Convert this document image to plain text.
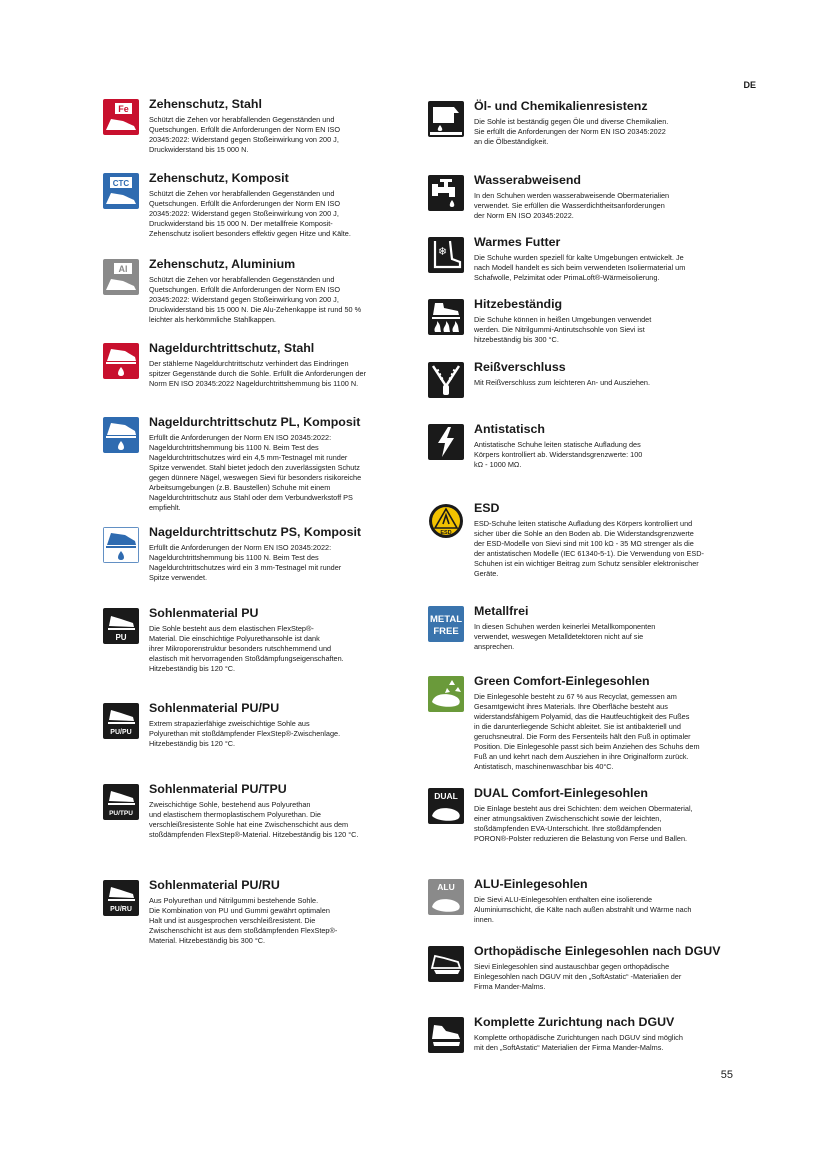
DE
Fe Zehenschutz, Stahl

Schützt die Zehen vor herabfallenden Gegenständen und
Quetschungen. Erfüllt die Anforderungen der Norm EN ISO
20345:2022: Widerstand gegen Stoßeinwirkung von 200 J,
Druckwiderstand bis 15 000 N.

CTC Zehenschutz, Komposit

Schützt die Zehen vor herabfallenden Gegenständen und
Quetschungen. Erfüllt die Anforderungen der Norm EN ISO
20345:2022: Widerstand gegen Stoßeinwirkung von 200 J,
Druckwiderstand bis 15 000 N. Der metallfreie Komposit-
Zehenschutz isoliert besonders effektiv gegen Hitze und Kälte.

Al Zehenschutz, Aluminium

Schützt die Zehen vor herabfallenden Gegenständen und
Quetschungen. Erfüllt die Anforderungen der Norm EN ISO
20345:2022: Widerstand gegen Stoßeinwirkung von 200 J,
Druckwiderstand bis 15 000 N. Die Alu-Zehenkappe ist rund 50 %
leichter als herkömmliche Stahlkappen.

Nageldurchtrittschutz, Stahl

Der stählerne Nageldurchtrittschutz verhindert das Eindringen
spitzer Gegenstände durch die Sohle. Erfüllt die Anforderungen der
Norm EN ISO 20345:2022 Nageldurchtrittshemmung bis 1100 N.

Nageldurchtrittschutz PL, Komposit

Erfüllt die Anforderungen der Norm EN ISO 20345:2022:
Nageldurchtrittshemmung bis 1100 N. Beim Test des
Nageldurchtrittschutzes wird ein 4,5 mm-Testnagel mit runder
Spitze verwendet. Stahl bietet jedoch den zuverlässigsten Schutz
gegen dünnere Nägel, weswegen Sievi für besonders risikoreiche
Arbeitsumgebungen (z.B. Baustellen) Schuhe mit einem
Nageldurchtrittschutz aus Stahl oder dem Verbundwerkstoff PS
empfiehlt.

Nageldurchtrittschutz PS, Komposit

Erfüllt die Anforderungen der Norm EN ISO 20345:2022:
Nageldurchtrittshemmung bis 1100 N. Beim Test des
Nageldurchtrittschutzes wird ein 3 mm-Testnagel mit runder
Spitze verwendet.

PU
Sohlenmaterial PU

Die Sohle besteht aus dem elastischen FlexStep®-
Material. Die einschichtige Polyurethansohle ist dank
ihrer Mikroporenstruktur besonders rutschhemmend und
elastisch mit hervorragenden Stoßdämpfungseigenschaften.
Hitzebeständig bis 120 °C.

PU/PU
Sohlenmaterial PU/PU

Extrem strapazierfähige zweischichtige Sohle aus
Polyurethan mit stoßdämpfender FlexStep®-Zwischenlage.
Hitzebeständig bis 120 °C.

PU/TPU
Sohlenmaterial PU/TPU

Zweischichtige Sohle, bestehend aus Polyurethan
und elastischem thermoplastischem Polyurethan. Die
verschleißresistente Sohle hat eine Zwischenschicht aus dem
stoßdämpfenden FlexStep®-Material. Hitzebeständig bis 120 °C.

PU/RU
Sohlenmaterial PU/RU

Aus Polyurethan und Nitrilgummi bestehende Sohle.
Die Kombination von PU und Gummi gewährt optimalen
Halt und ist ausgesprochen verschleißresistent. Die
Zwischenschicht ist aus dem stoßdämpfenden FlexStep®-
Material. Hitzebeständig bis 300 °C.

Öl- und Chemikalienresistenz

Die Sohle ist beständig gegen Öle und diverse Chemikalien.
Sie erfüllt die Anforderungen der Norm EN ISO 20345:2022
an die Ölbeständigkeit.

Wasserabweisend

In den Schuhen werden wasserabweisende Obermaterialien
verwendet. Sie erfüllen die Wasserdichtheitsanforderungen
der Norm EN ISO 20345:2022.

❄
Warmes Futter

Die Schuhe wurden speziell für kalte Umgebungen entwickelt. Je
nach Modell handelt es sich beim verwendeten Isoliermaterial um
Schafwolle, Pelzimitat oder PrimaLoft®-Wärmeisolierung.

Hitzebeständig

Die Schuhe können in heißen Umgebungen verwendet
werden. Die Nitrilgummi-Antirutschsohle von Sievi ist
hitzebeständig bis 300 °C.

Reißverschluss

Mit Reißverschluss zum leichteren An- und Ausziehen.

Antistatisch

Antistatische Schuhe leiten statische Aufladung des
Körpers kontrolliert ab. Widerstandsgrenzwerte: 100
kΩ - 1000 MΩ.

ESD
ESD

ESD-Schuhe leiten statische Aufladung des Körpers kontrolliert und
sicher über die Sohle an den Boden ab. Die Widerstandsgrenzwerte
der ESD-Modelle von Sievi sind mit 100 kΩ - 35 MΩ strenger als die
der antistatischen Modelle (IEC 61340-5-1). Die Verwendung von ESD-
Schuhen ist ein wichtiger Beitrag zum Schutz sensibler elektronischer
Geräte.

METAL
FREE
Metallfrei

In diesen Schuhen werden keinerlei Metallkomponenten
verwendet, weswegen Metalldetektoren nicht auf sie
ansprechen.

Green Comfort-Einlegesohlen

Die Einlegesohle besteht zu 67 % aus Recyclat, gemessen am
Gesamtgewicht ihres Materials. Ihre Oberfläche besteht aus
widerstandsfähigem Polyamid, das die Hautfeuchtigkeit des Fußes
in die darunterliegende Schicht ableitet. Sie ist antibakteriell und
geruchsneutral. Die Form des Fersenteils hält den Fuß in optimaler
Position. Die Einlegesohle passt sich beim Anziehen des Schuhs dem
Fuß an und kehrt nach dem Ausziehen in ihre Originalform zurück.
Antistatisch, maschinenwaschbar bis 40°C.

DUAL DUAL Comfort-Einlegesohlen

Die Einlage besteht aus drei Schichten: dem weichen Obermaterial,
einer atmungsaktiven Zwischenschicht sowie der leichten,
stoßdämpfenden EVA-Unterschicht. Ihre stoßdämpfenden
PORON®-Polster reduzieren die Belastung von Ferse und Ballen.

ALU ALU-Einlegesohlen

Die Sievi ALU-Einlegesohlen enthalten eine isolierende
Aluminiumschicht, die Kälte nach außen abstrahlt und Wärme nach
innen.

Orthopädische Einlegesohlen nach DGUV

Sievi Einlegesohlen sind austauschbar gegen orthopädische
Einlegesohlen nach DGUV mit den „SoftAstatic“ -Materialien der
Firma Mander-Malms.

Komplette Zurichtung nach DGUV

Komplette orthopädische Zurichtungen nach DGUV sind möglich
mit den „SoftAstatic“ Materialien der Firma Mander-Malms.

55
